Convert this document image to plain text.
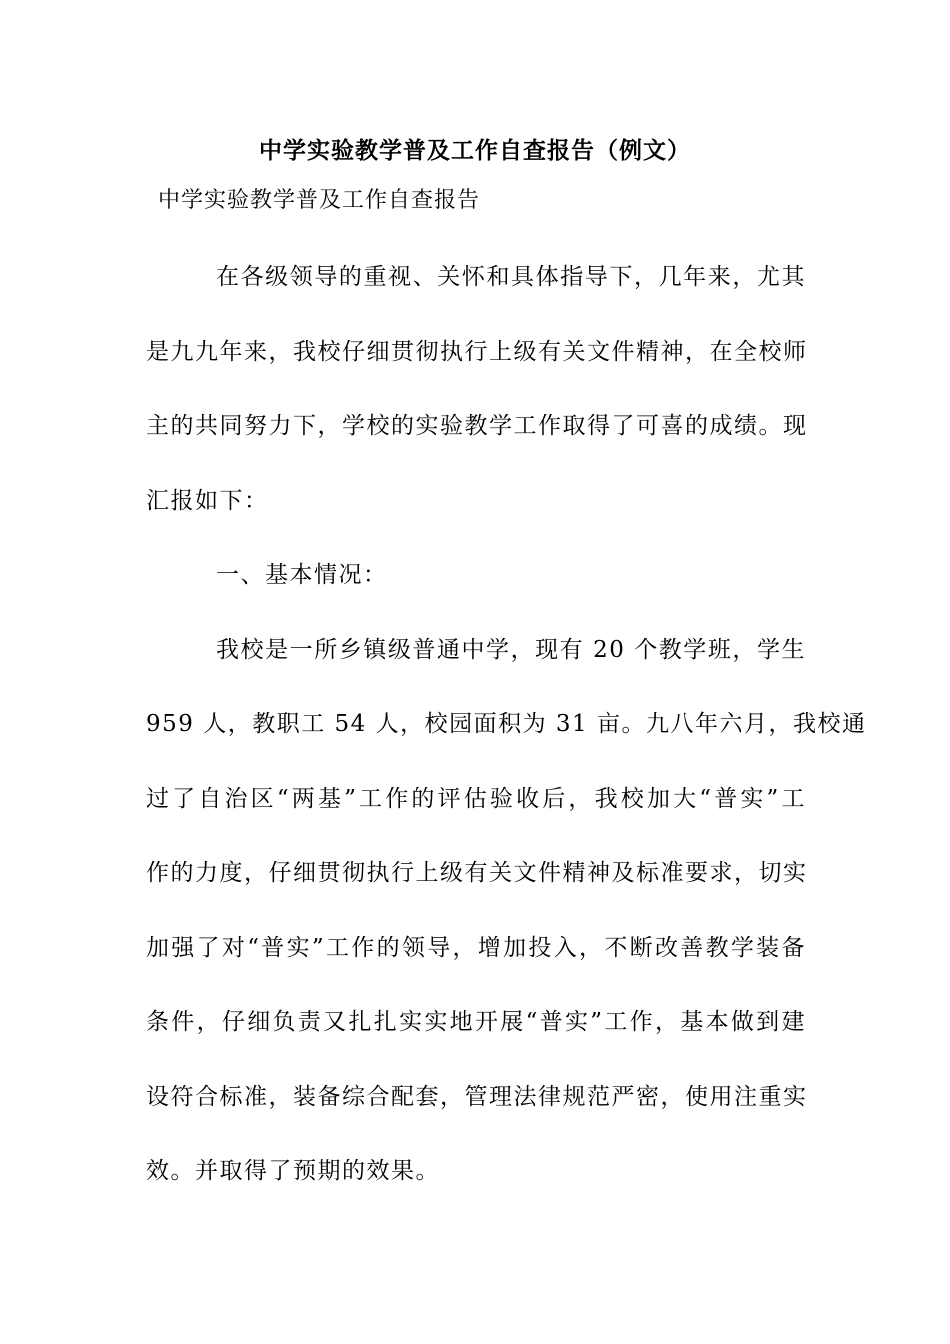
中学实验教学普及工作自查报告（例文）
中学实验教学普及工作自查报告
在各级领导的重视、关怀和具体指导下，几年来，尤其
是九九年来，我校仔细贯彻执行上级有关文件精神，在全校师
主的共同努力下，学校的实验教学工作取得了可喜的成绩。现
汇报如下：
一、基本情况：
我校是一所乡镇级普通中学，现有 20 个教学班，学生
959 人，教职工 54 人，校园面积为 31 亩。九八年六月，我校通
过了自治区“两基”工作的评估验收后，我校加大“普实”工
作的力度，仔细贯彻执行上级有关文件精神及标准要求，切实
加强了对“普实”工作的领导，增加投入，不断改善教学装备
条件，仔细负责又扎扎实实地开展“普实”工作，基本做到建
设符合标准，装备综合配套，管理法律规范严密，使用注重实
效。并取得了预期的效果。
